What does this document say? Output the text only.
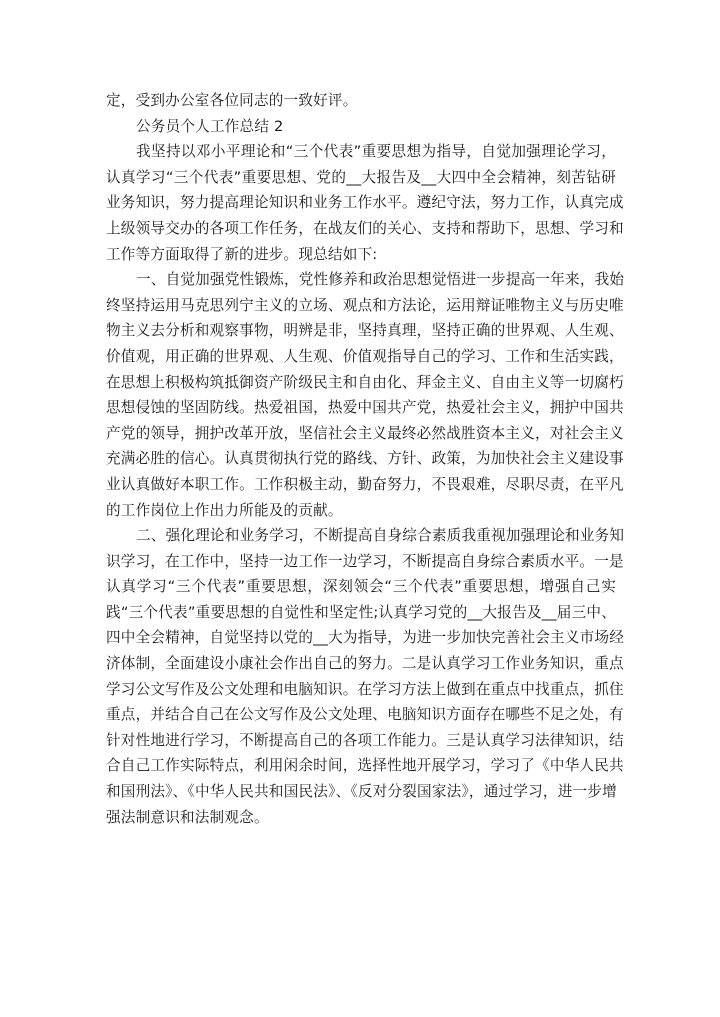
定，受到办公室各位同志的一致好评。
公务员个人工作总结 2
我坚持以邓小平理论和“三个代表”重要思想为指导，自觉加强理论学习，
认真学习“三个代表”重要思想、党的__大报告及__大四中全会精神，刻苦钻研
业务知识，努力提高理论知识和业务工作水平。遵纪守法，努力工作，认真完成
上级领导交办的各项工作任务，在战友们的关心、支持和帮助下，思想、学习和
工作等方面取得了新的进步。现总结如下:
一、自觉加强党性锻炼，党性修养和政治思想觉悟进一步提高一年来，我始
终坚持运用马克思列宁主义的立场、观点和方法论，运用辩证唯物主义与历史唯
物主义去分析和观察事物，明辨是非，坚持真理，坚持正确的世界观、人生观、
价值观，用正确的世界观、人生观、价值观指导自己的学习、工作和生活实践，
在思想上积极构筑抵御资产阶级民主和自由化、拜金主义、自由主义等一切腐朽
思想侵蚀的坚固防线。热爱祖国，热爱中国共产党，热爱社会主义，拥护中国共
产党的领导，拥护改革开放，坚信社会主义最终必然战胜资本主义，对社会主义
充满必胜的信心。认真贯彻执行党的路线、方针、政策，为加快社会主义建设事
业认真做好本职工作。工作积极主动，勤奋努力，不畏艰难，尽职尽责，在平凡
的工作岗位上作出力所能及的贡献。
二、强化理论和业务学习，不断提高自身综合素质我重视加强理论和业务知
识学习，在工作中，坚持一边工作一边学习，不断提高自身综合素质水平。一是
认真学习“三个代表”重要思想，深刻领会“三个代表”重要思想，增强自己实
践“三个代表”重要思想的自觉性和坚定性;认真学习党的__大报告及__届三中、
四中全会精神，自觉坚持以党的__大为指导，为进一步加快完善社会主义市场经
济体制，全面建设小康社会作出自己的努力。二是认真学习工作业务知识，重点
学习公文写作及公文处理和电脑知识。在学习方法上做到在重点中找重点，抓住
重点，并结合自己在公文写作及公文处理、电脑知识方面存在哪些不足之处，有
针对性地进行学习，不断提高自己的各项工作能力。三是认真学习法律知识，结
合自己工作实际特点，利用闲余时间，选择性地开展学习，学习了《中华人民共
和国刑法》、《中华人民共和国民法》、《反对分裂国家法》，通过学习，进一步增
强法制意识和法制观念。
